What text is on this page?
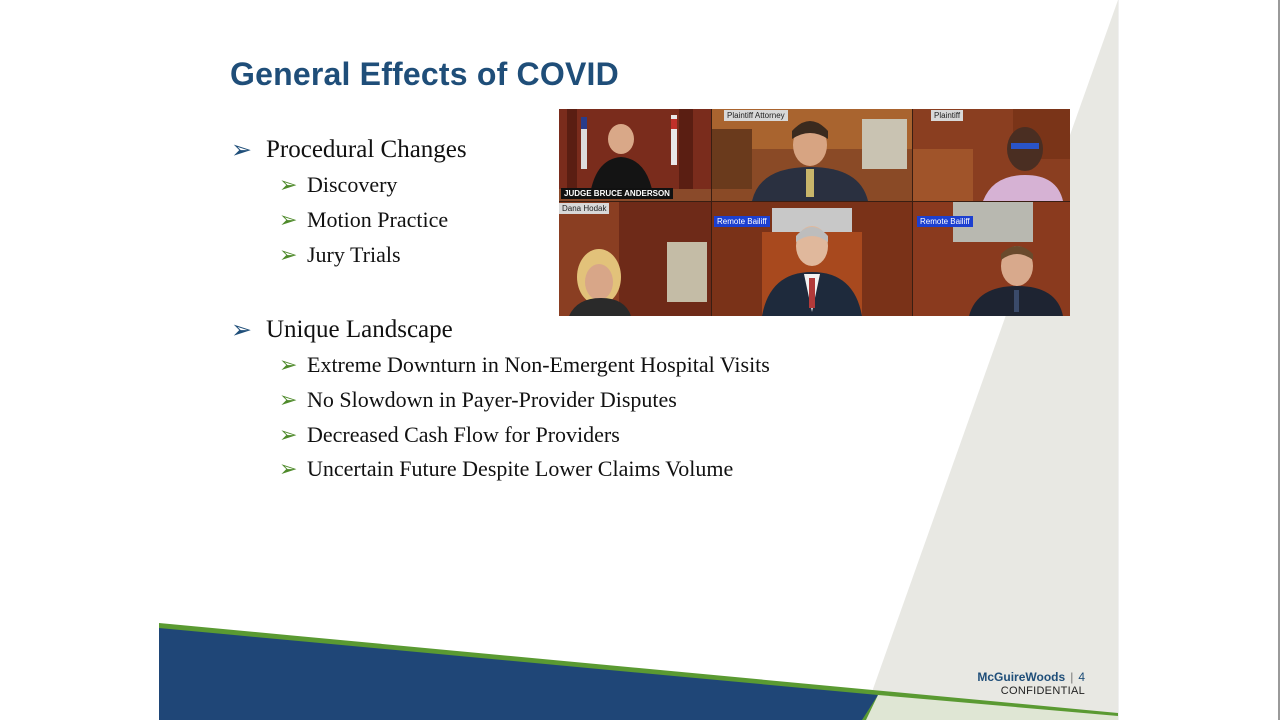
General Effects of COVID
➢ Procedural Changes
➢ Discovery
➢ Motion Practice
➢ Jury Trials
➢ Unique Landscape
➢ Extreme Downturn in Non-Emergent Hospital Visits
➢ No Slowdown in Payer-Provider Disputes
➢ Decreased Cash Flow for Providers
➢ Uncertain Future Despite Lower Claims Volume
JUDGE BRUCE ANDERSON
Plaintiff Attorney	Plaintiff
Dana Hodak
Remote Bailiff	Remote Bailiff
McGuireWoods | 4
CONFIDENTIAL
